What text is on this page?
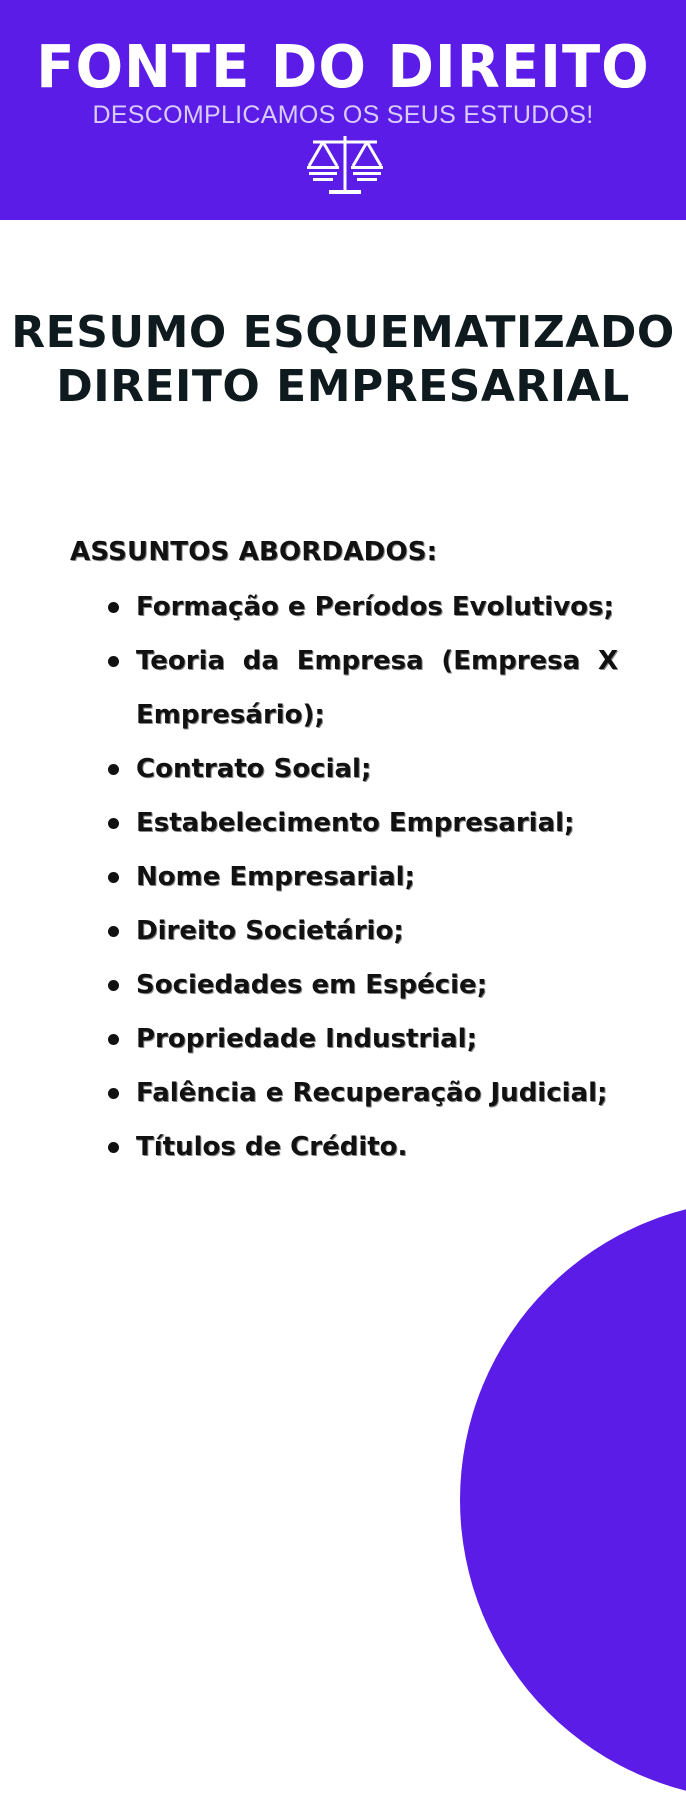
FONTE DO DIREITO
DESCOMPLICAMOS OS SEUS ESTUDOS!
RESUMO ESQUEMATIZADO
DIREITO EMPRESARIAL
ASSUNTOS ABORDADOS:
Formação e Períodos Evolutivos;
Teoria da Empresa (Empresa X Empresário);
Contrato Social;
Estabelecimento Empresarial;
Nome Empresarial;
Direito Societário;
Sociedades em Espécie;
Propriedade Industrial;
Falência e Recuperação Judicial;
Títulos de Crédito.
